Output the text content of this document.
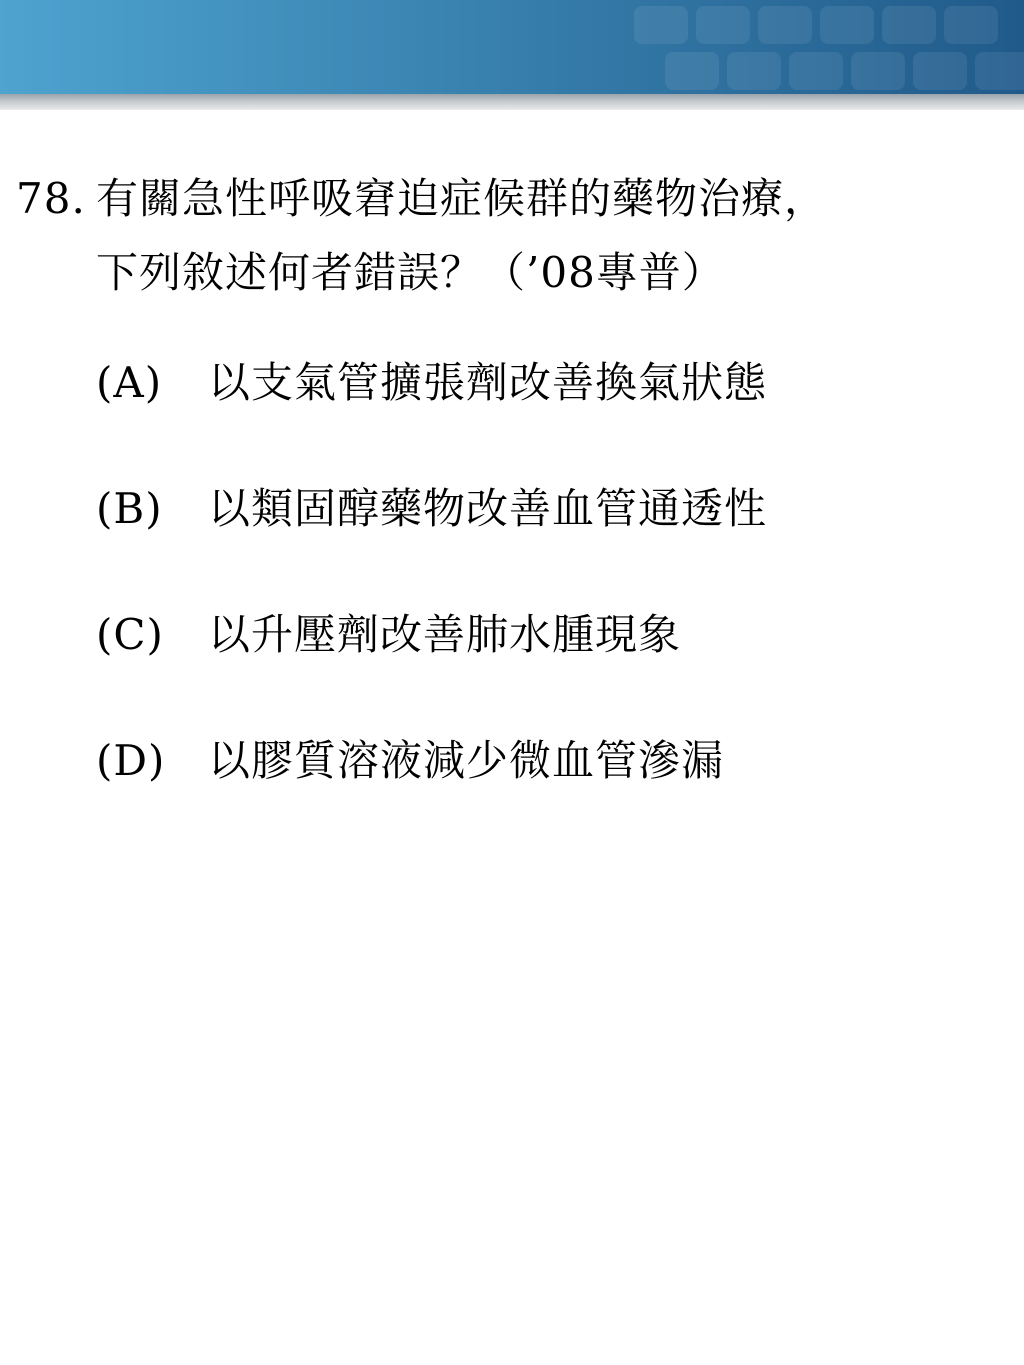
78. 有關急性呼吸窘迫症候群的藥物治療，
下列敘述何者錯誤？（’08專普）
(A)	以支氣管擴張劑改善換氣狀態
(B)	以類固醇藥物改善血管通透性
(C)	以升壓劑改善肺水腫現象
(D)	以膠質溶液減少微血管滲漏
